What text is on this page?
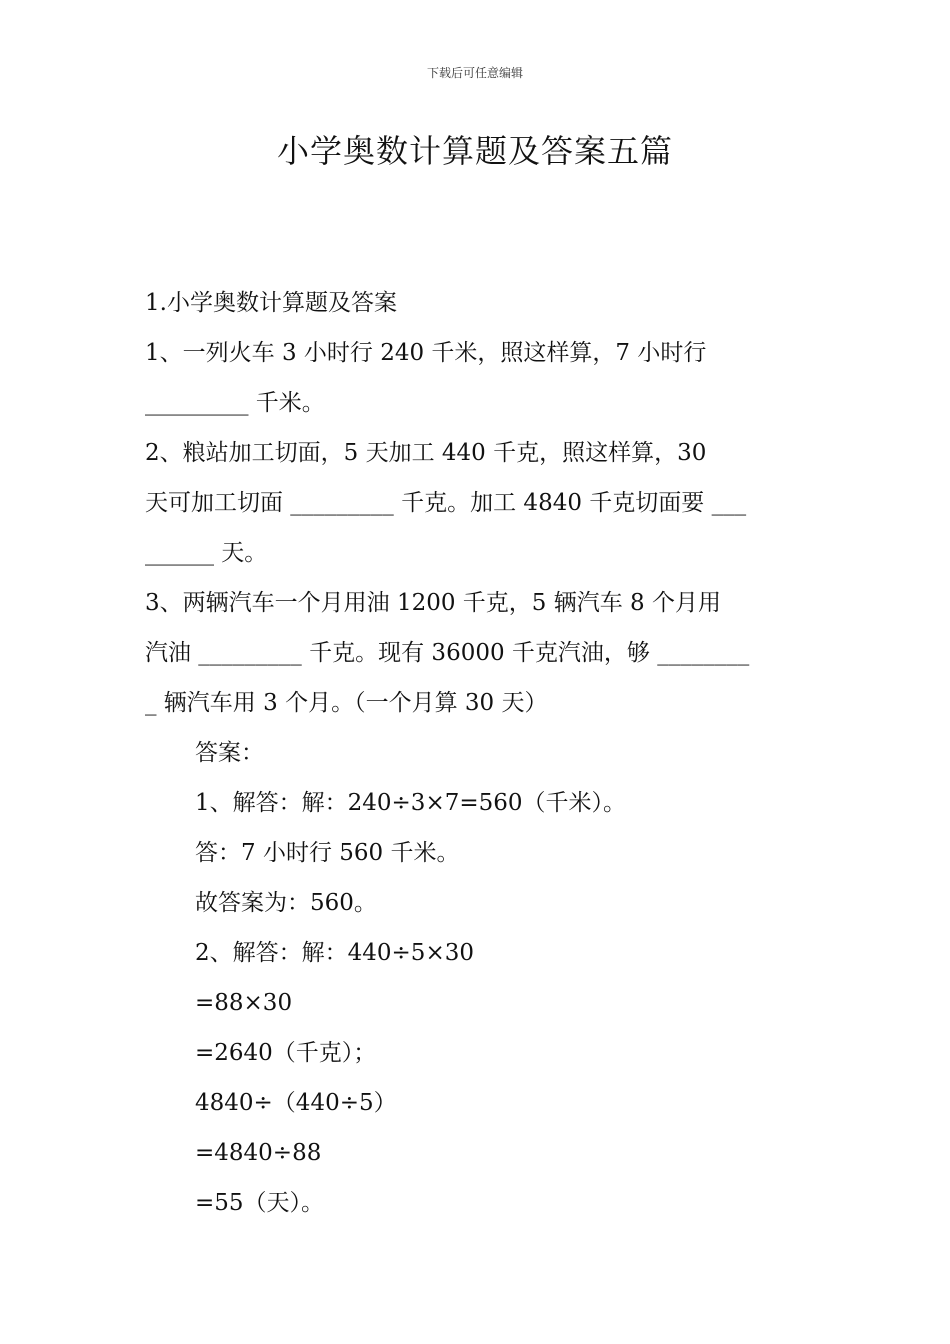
下载后可任意编辑

小学奥数计算题及答案五篇

1.小学奥数计算题及答案

1、一列火车 3 小时行 240 千米，照这样算，7 小时行

_________ 千米。

2、粮站加工切面，5 天加工 440 千克，照这样算，30

天可加工切面 _________ 千克。加工 4840 千克切面要 ___

______ 天。

3、两辆汽车一个月用油 1200 千克，5 辆汽车 8 个月用

汽油 _________ 千克。现有 36000 千克汽油，够 ________

_ 辆汽车用 3 个月。（一个月算 30 天）

答案：

1、解答：解：240÷3×7=560（千米）。

答：7 小时行 560 千米。

故答案为：560。

2、解答：解：440÷5×30

=88×30

=2640（千克）；

4840÷（440÷5）

=4840÷88

=55（天）。
